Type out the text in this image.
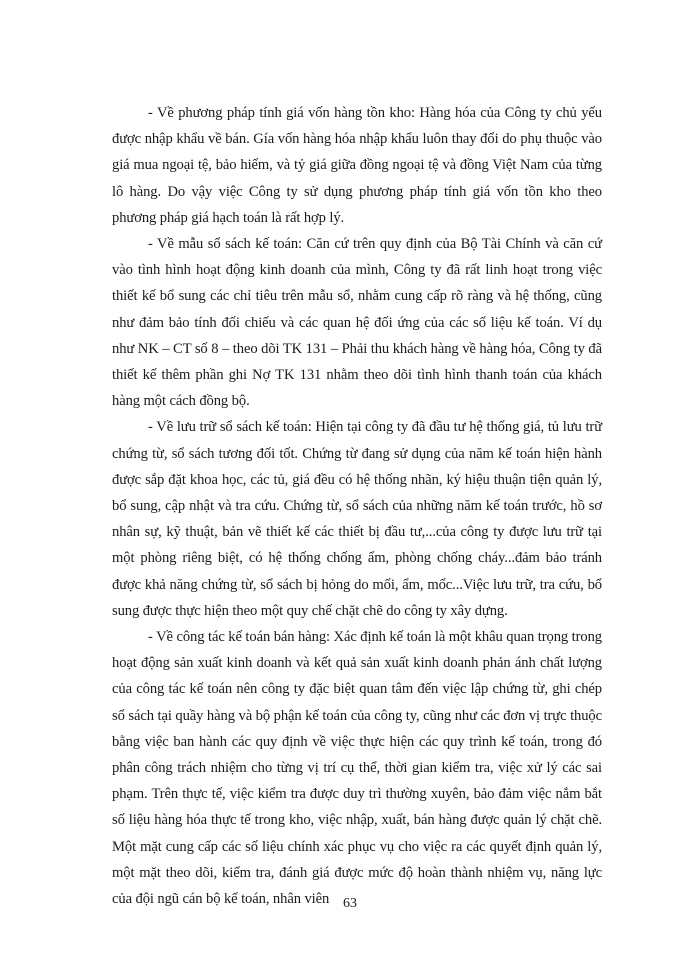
- Về phương pháp tính giá vốn hàng tồn kho: Hàng hóa của Công ty chủ yếu được nhập khẩu về bán. Gía vốn hàng hóa nhập khẩu luôn thay đổi do phụ thuộc vào giá mua ngoại tệ, bảo hiểm, và tỷ giá giữa đồng ngoại tệ và đồng Việt Nam của từng lô hàng. Do vậy việc Công ty sử dụng phương pháp tính giá vốn tồn kho theo phương pháp giá hạch toán là rất hợp lý.

- Về mẫu sổ sách kế toán: Căn cứ trên quy định của Bộ Tài Chính và căn cứ vào tình hình hoạt động kinh doanh của mình, Công ty đã rất linh hoạt trong việc thiết kế bổ sung các chỉ tiêu trên mẫu sổ, nhằm cung cấp rõ ràng và hệ thống, cũng như đảm bảo tính đối chiếu và các quan hệ đối ứng của các số liệu kế toán. Ví dụ như NK – CT số 8 – theo dõi TK 131 – Phải thu khách hàng về hàng hóa, Công ty đã thiết kế thêm phần ghi Nợ TK 131 nhằm theo dõi tình hình thanh toán của khách hàng một cách đồng bộ.

- Về lưu trữ sổ sách kế toán: Hiện tại công ty đã đầu tư hệ thống giá, tủ lưu trữ chứng từ, sổ sách tương đối tốt. Chứng từ đang sử dụng của năm kế toán hiện hành được sắp đặt khoa học, các tủ, giá đều có hệ thống nhãn, ký hiệu thuận tiện quản lý, bổ sung, cập nhật và tra cứu. Chứng từ, sổ sách của những năm kế toán trước, hồ sơ nhân sự, kỹ thuật, bản vẽ thiết kế các thiết bị đầu tư,...của công ty được lưu trữ tại một phòng riêng biệt, có hệ thống chống ẩm, phòng chống cháy...đảm bảo tránh được khả năng chứng từ, sổ sách bị hỏng do mối, ẩm, mốc...Việc lưu trữ, tra cứu, bổ sung được thực hiện theo một quy chế chặt chẽ do công ty xây dựng.

- Về công tác kế toán bán hàng: Xác định kế toán là một khâu quan trọng trong hoạt động sản xuất kinh doanh và kết quả sản xuất kinh doanh phản ánh chất lượng của công tác kế toán nên công ty đặc biệt quan tâm đến việc lập chứng từ, ghi chép sổ sách tại quầy hàng và bộ phận kế toán của công ty, cũng như các đơn vị trực thuộc bằng việc ban hành các quy định về việc thực hiện các quy trình kế toán, trong đó phân công trách nhiệm cho từng vị trí cụ thể, thời gian kiểm tra, việc xử lý các sai phạm. Trên thực tế, việc kiểm tra được duy trì thường xuyên, bảo đảm việc nắm bắt số liệu hàng hóa thực tế trong kho, việc nhập, xuất, bán hàng được quản lý chặt chẽ. Một mặt cung cấp các số liệu chính xác phục vụ cho việc ra các quyết định quản lý, một mặt theo dõi, kiểm tra, đánh giá được mức độ hoàn thành nhiệm vụ, năng lực của đội ngũ cán bộ kế toán, nhân viên 63
